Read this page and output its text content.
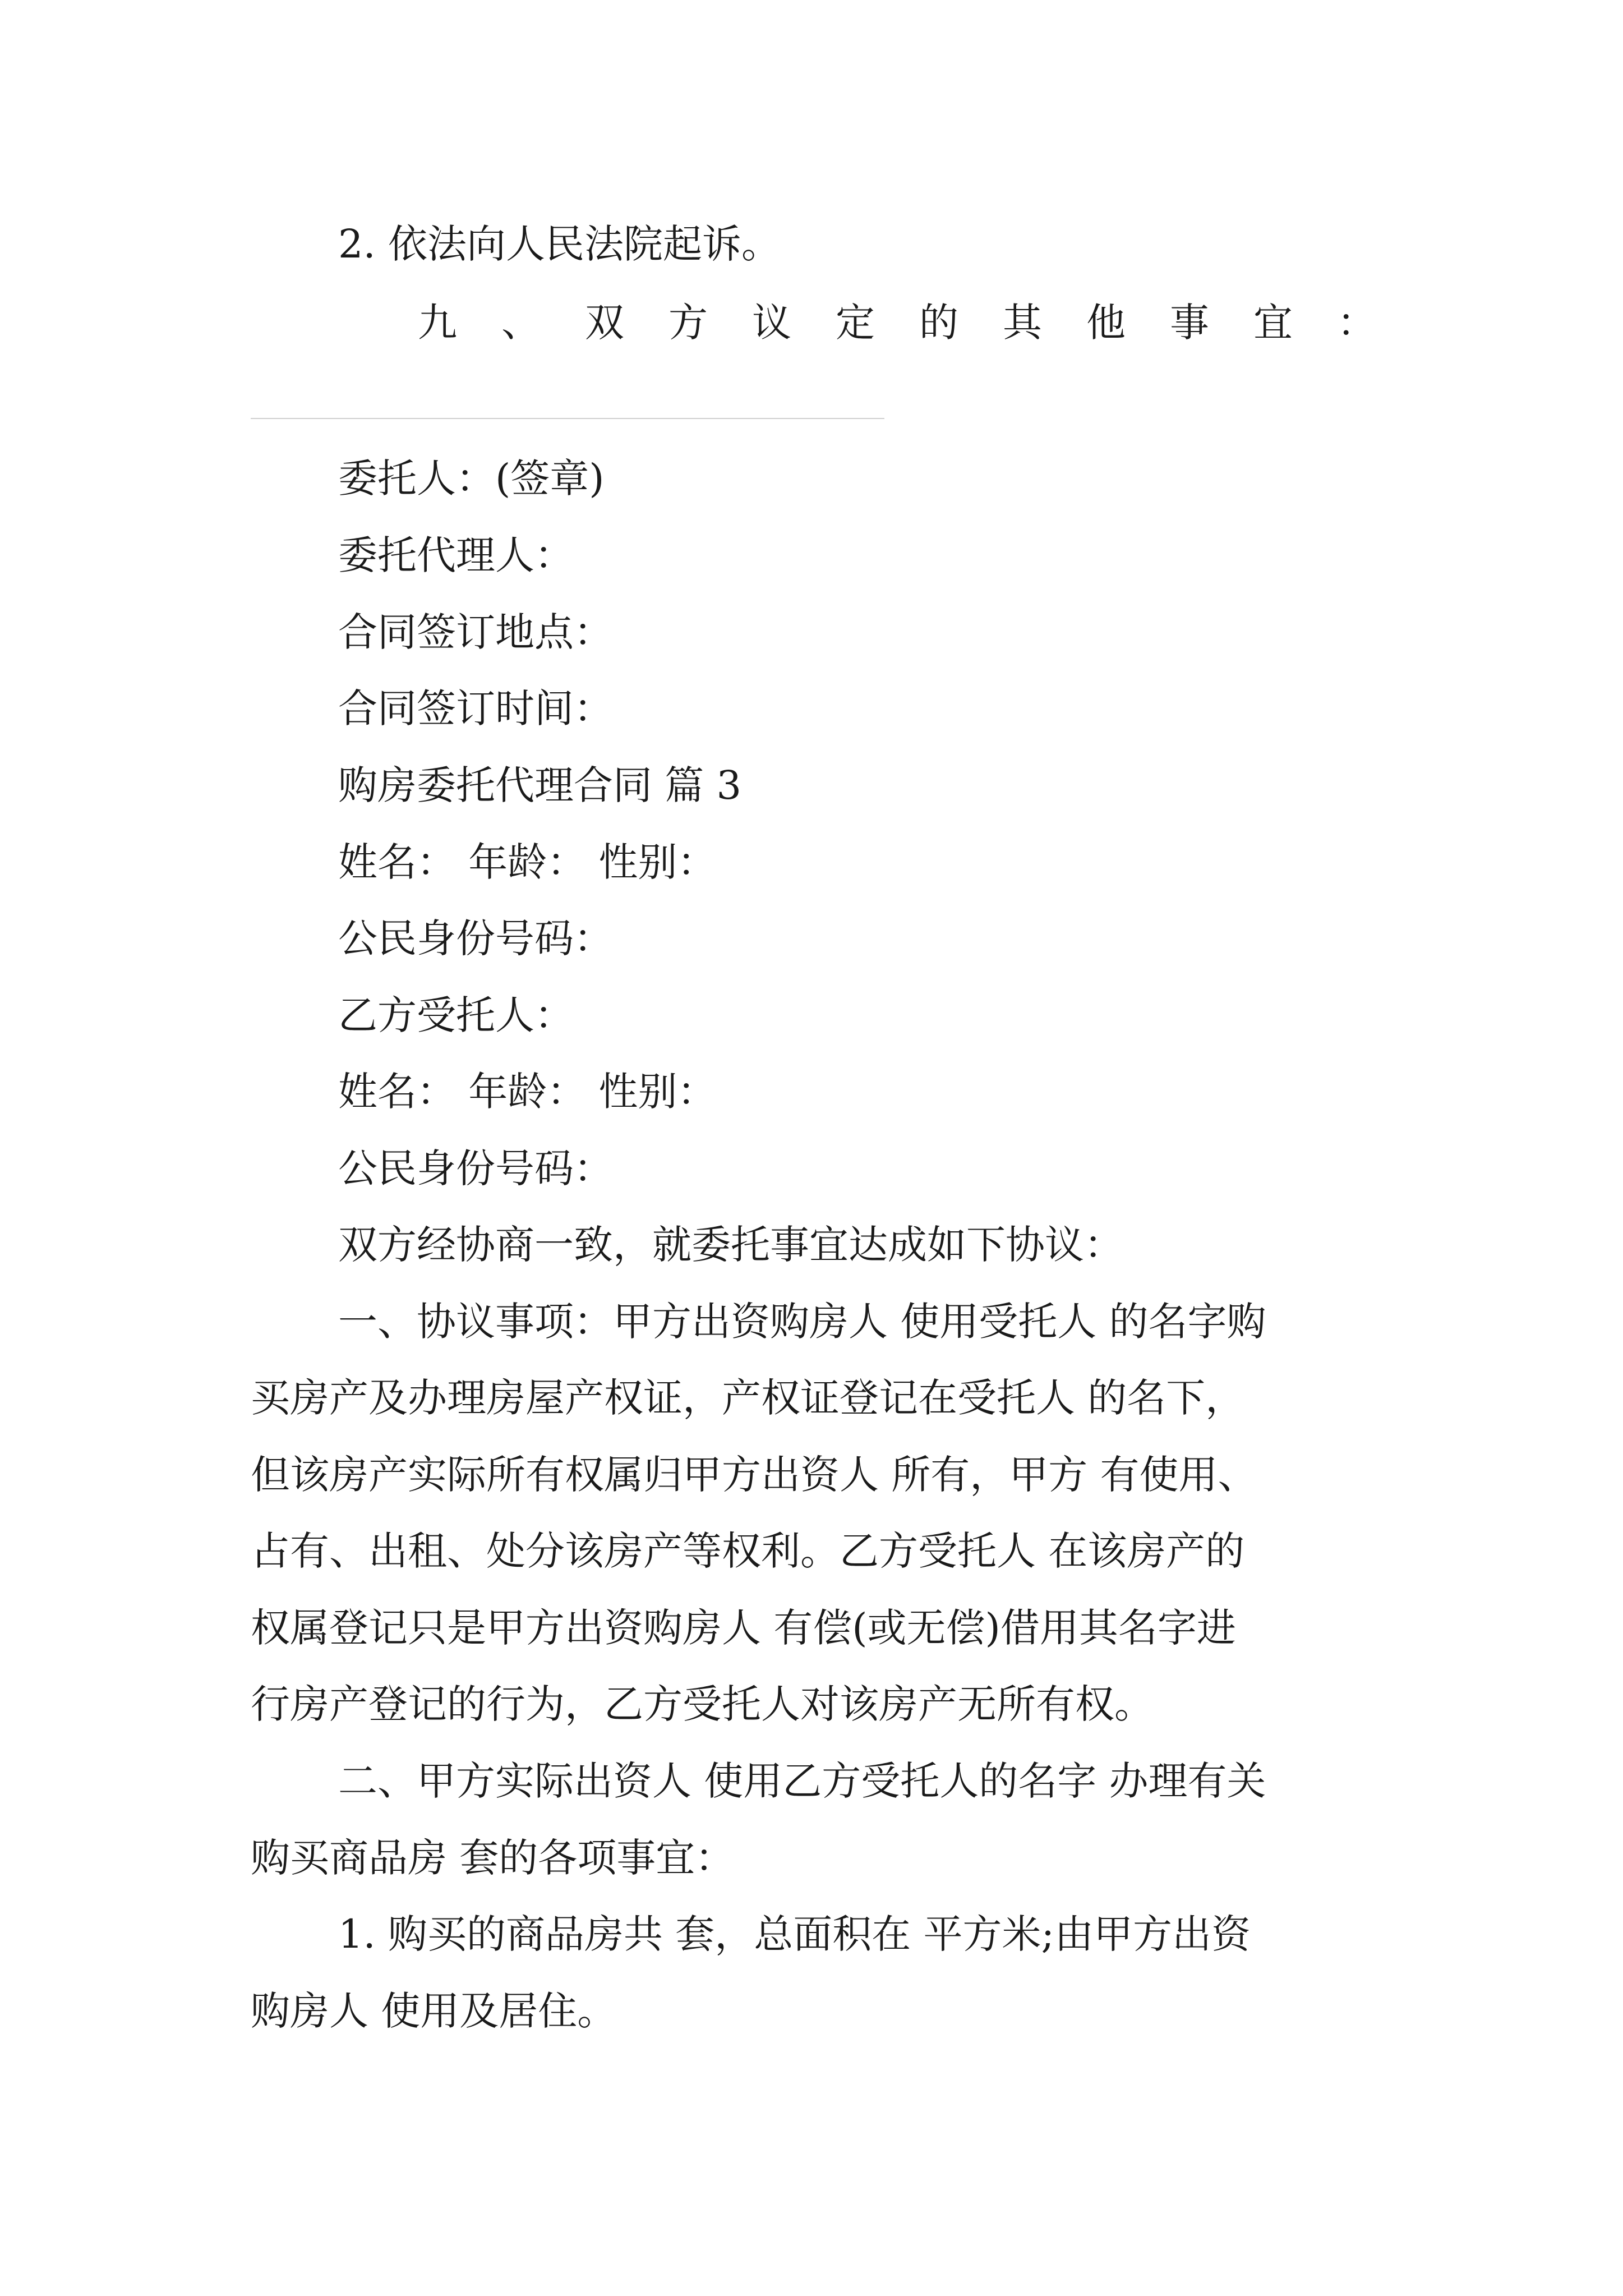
2. 依法向人民法院起诉。
九 、 双 方 议 定 的 其 他 事 宜 ：
委托人：(签章)
委托代理人：
合同签订地点：
合同签订时间：
购房委托代理合同 篇 3
姓名： 年龄： 性别：
公民身份号码：
乙方受托人：
姓名： 年龄： 性别：
公民身份号码：
双方经协商一致，就委托事宜达成如下协议：
一、协议事项：甲方出资购房人 使用受托人 的名字购
买房产及办理房屋产权证，产权证登记在受托人 的名下，
但该房产实际所有权属归甲方出资人 所有，甲方 有使用、
占有、出租、处分该房产等权利。乙方受托人 在该房产的
权属登记只是甲方出资购房人 有偿(或无偿)借用其名字进
行房产登记的行为，乙方受托人对该房产无所有权。
二、甲方实际出资人 使用乙方受托人的名字 办理有关
购买商品房 套的各项事宜：
1. 购买的商品房共 套，总面积在 平方米;由甲方出资
购房人 使用及居住。
